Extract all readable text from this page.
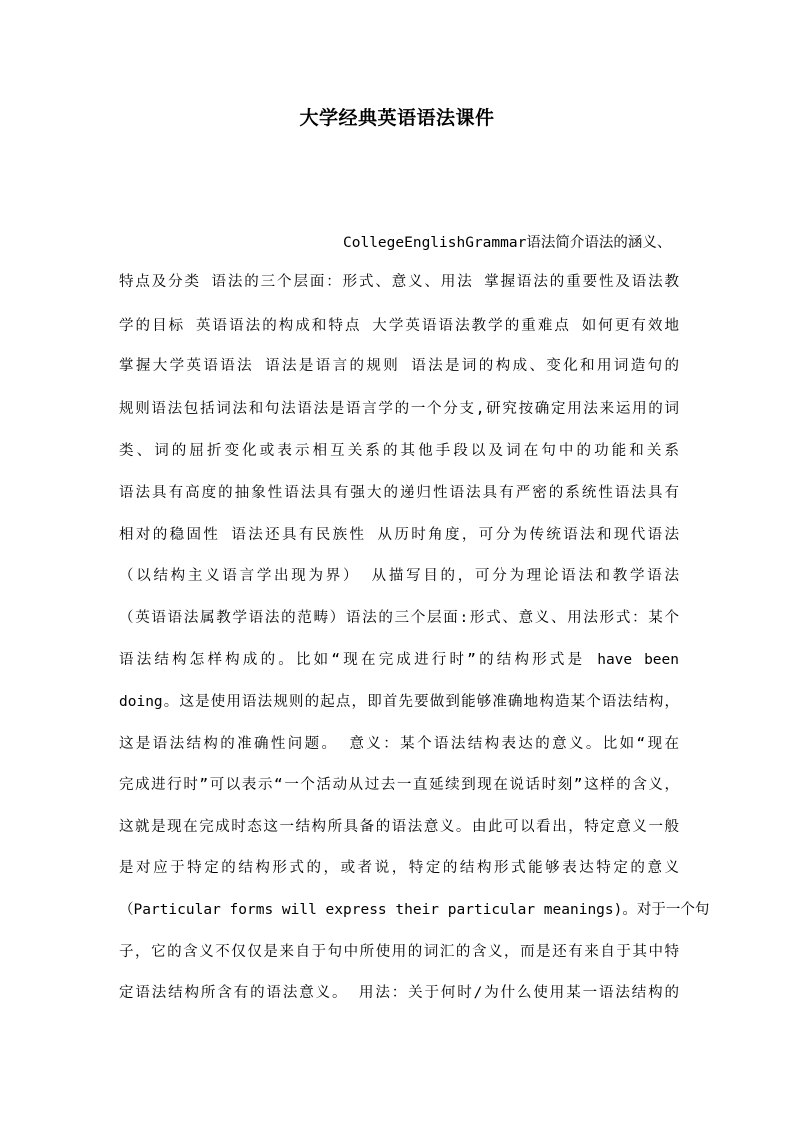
大学经典英语语法课件
CollegeEnglishGrammar语法简介语法的涵义、
特点及分类 语法的三个层面：形式、意义、用法 掌握语法的重要性及语法教
学的目标 英语语法的构成和特点 大学英语语法教学的重难点 如何更有效地
掌握大学英语语法 语法是语言的规则 语法是词的构成、变化和用词造句的
规则语法包括词法和句法语法是语言学的一个分支,研究按确定用法来运用的词
类、词的屈折变化或表示相互关系的其他手段以及词在句中的功能和关系
语法具有高度的抽象性语法具有强大的递归性语法具有严密的系统性语法具有
相对的稳固性 语法还具有民族性 从历时角度，可分为传统语法和现代语法
（以结构主义语言学出现为界） 从描写目的，可分为理论语法和教学语法
（英语语法属教学语法的范畴）语法的三个层面:形式、意义、用法形式：某个
语法结构怎样构成的。比如“现在完成进行时”的结构形式是 have been
doing。这是使用语法规则的起点，即首先要做到能够准确地构造某个语法结构，
这是语法结构的准确性问题。 意义：某个语法结构表达的意义。比如“现在
完成进行时”可以表示“一个活动从过去一直延续到现在说话时刻”这样的含义，
这就是现在完成时态这一结构所具备的语法意义。由此可以看出，特定意义一般
是对应于特定的结构形式的，或者说，特定的结构形式能够表达特定的意义
（Particular forms will express their particular meanings)。对于一个句
子，它的含义不仅仅是来自于句中所使用的词汇的含义，而是还有来自于其中特
定语法结构所含有的语法意义。 用法：关于何时/为什么使用某一语法结构的
